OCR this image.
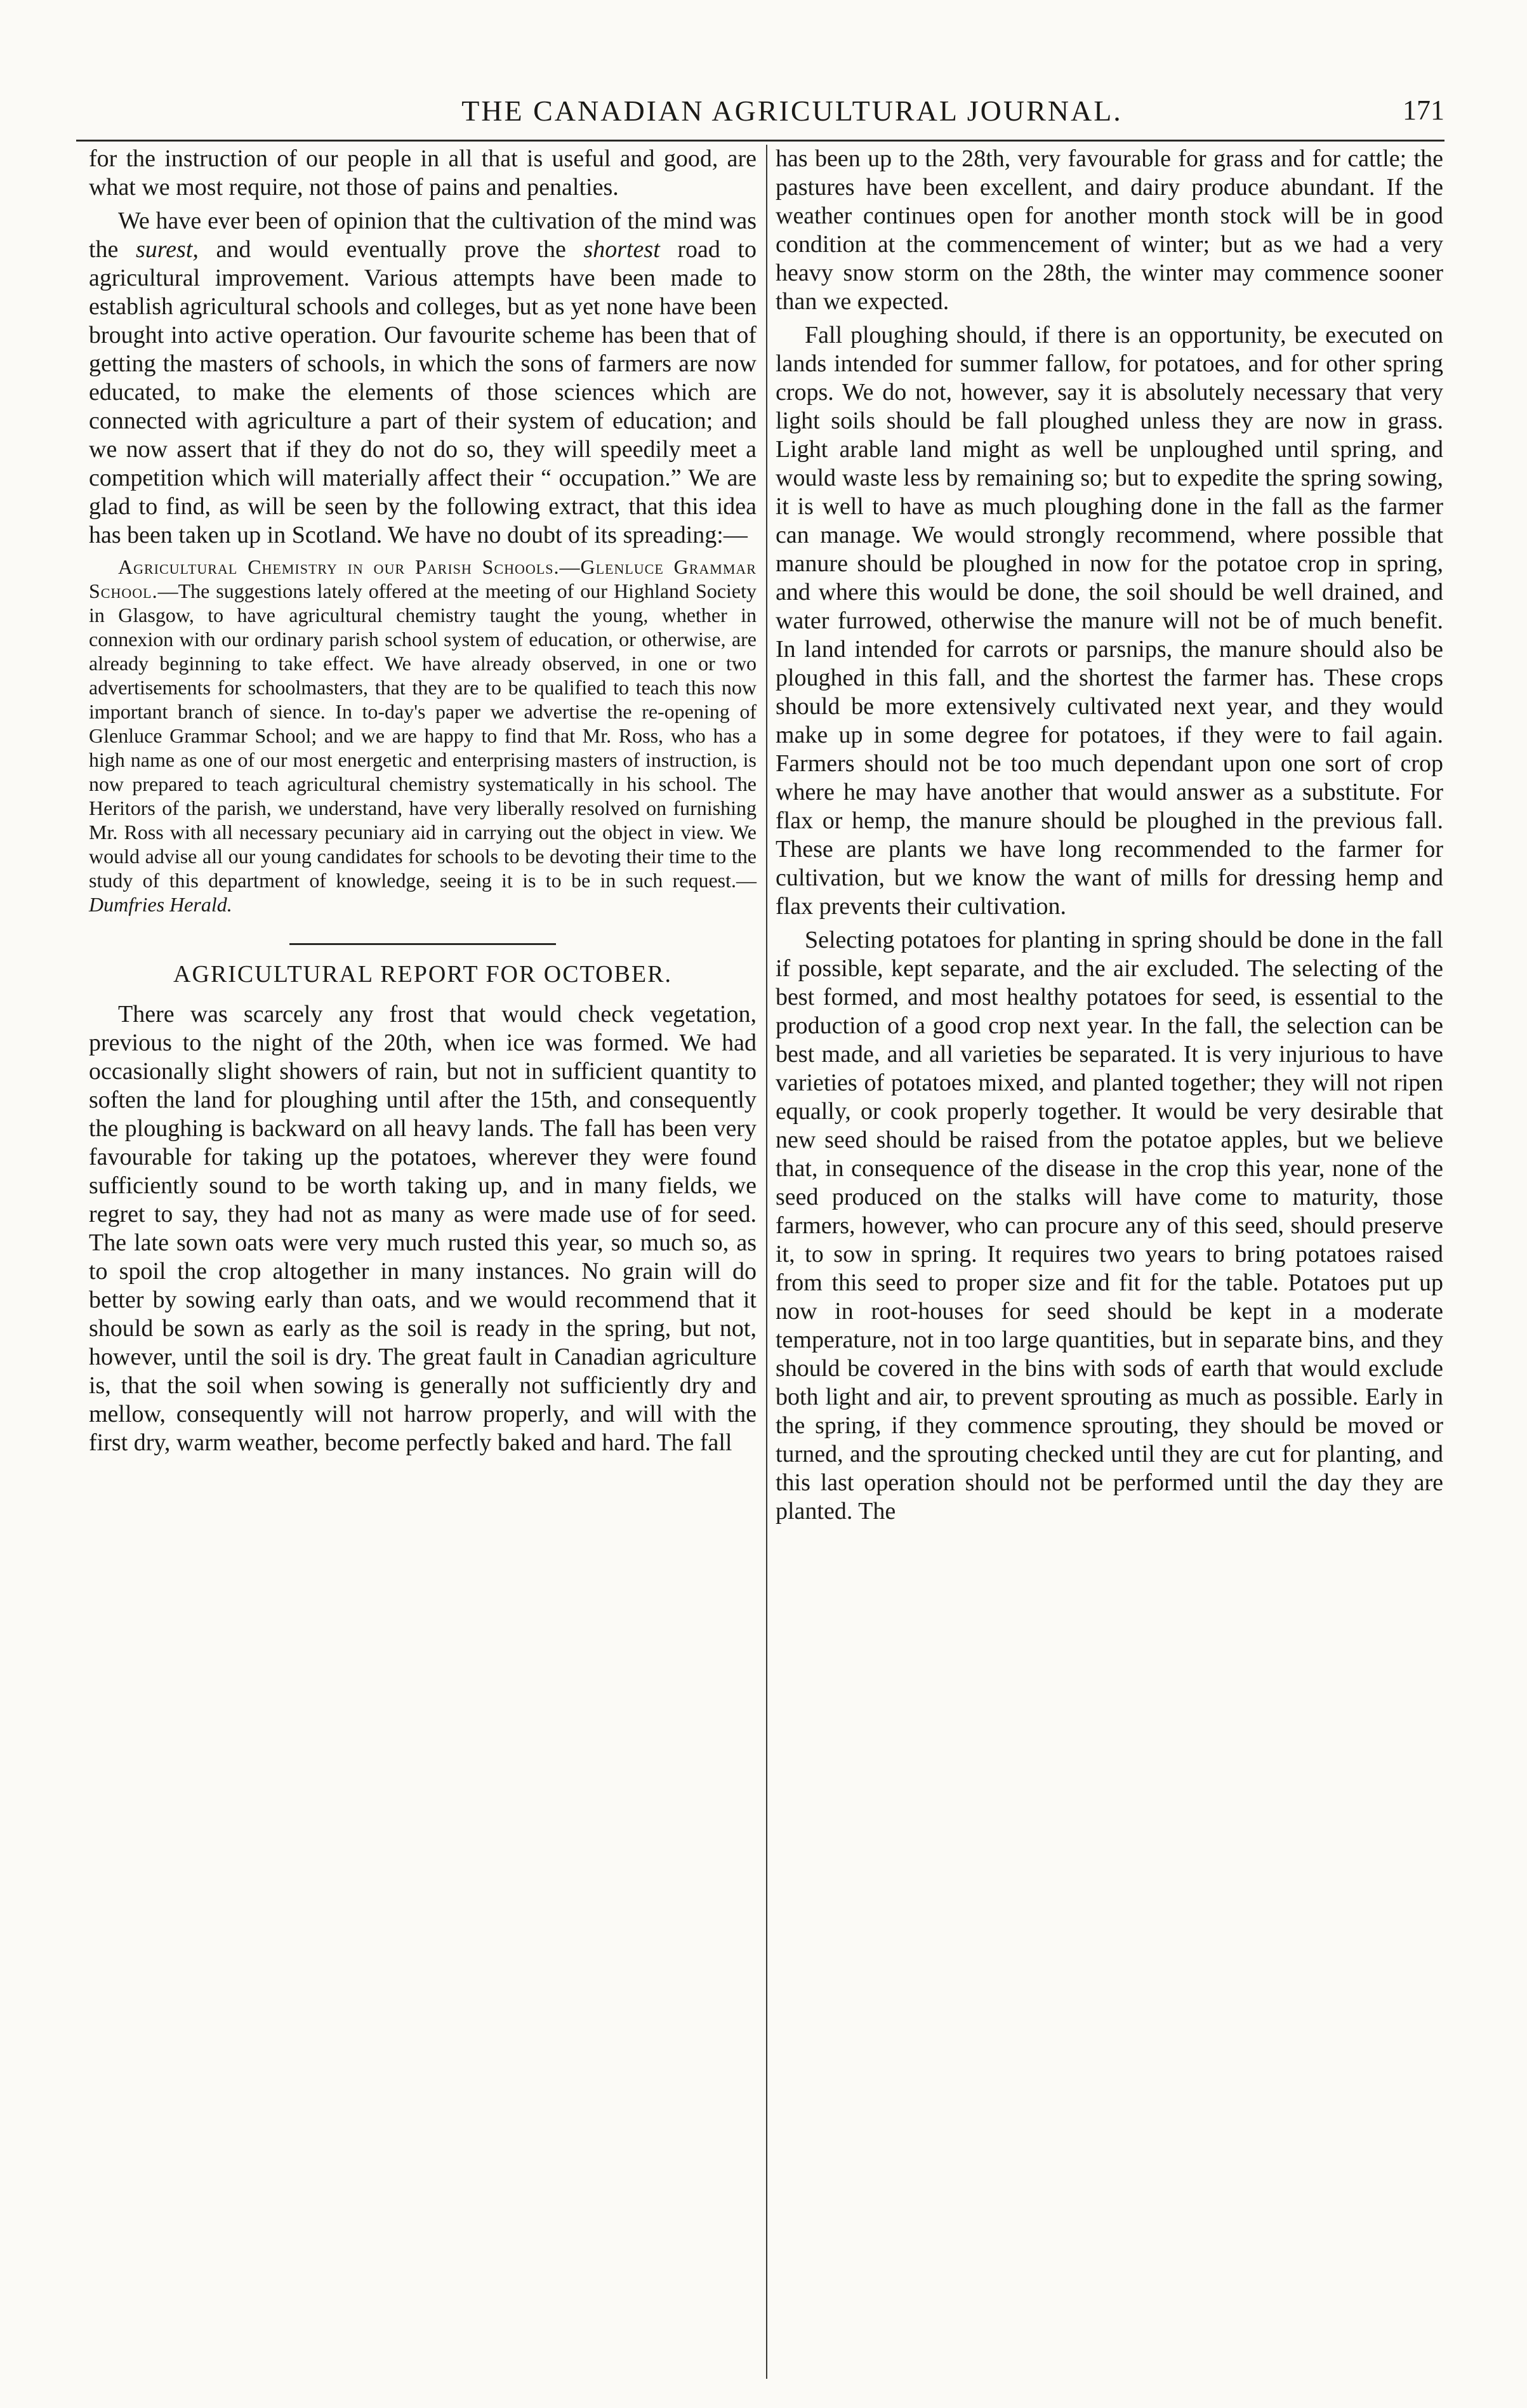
THE CANADIAN AGRICULTURAL JOURNAL.	171

for the instruction of our people in all that is useful and good, are what we most require, not those of pains and penalties.

We have ever been of opinion that the cultivation of the mind was the surest, and would eventually prove the shortest road to agricultural improvement. Various attempts have been made to establish agricultural schools and colleges, but as yet none have been brought into active operation. Our favourite scheme has been that of getting the masters of schools, in which the sons of farmers are now educated, to make the elements of those sciences which are connected with agriculture a part of their system of education; and we now assert that if they do not do so, they will speedily meet a competition which will materially affect their “ occupation.” We are glad to find, as will be seen by the following extract, that this idea has been taken up in Scotland. We have no doubt of its spreading:—

Agricultural Chemistry in our Parish Schools.—Glenluce Grammar School.—The suggestions lately offered at the meeting of our Highland Society in Glasgow, to have agricultural chemistry taught the young, whether in connexion with our ordinary parish school system of education, or otherwise, are already beginning to take effect. We have already observed, in one or two advertisements for schoolmasters, that they are to be qualified to teach this now important branch of sience. In to-day's paper we advertise the re-opening of Glenluce Grammar School; and we are happy to find that Mr. Ross, who has a high name as one of our most energetic and enterprising masters of instruction, is now prepared to teach agricultural chemistry systematically in his school. The Heritors of the parish, we understand, have very liberally resolved on furnishing Mr. Ross with all necessary pecuniary aid in carrying out the object in view. We would advise all our young candidates for schools to be devoting their time to the study of this department of knowledge, seeing it is to be in such request.—Dumfries Herald.

AGRICULTURAL REPORT FOR OCTOBER.

There was scarcely any frost that would check vegetation, previous to the night of the 20th, when ice was formed. We had occasionally slight showers of rain, but not in sufficient quantity to soften the land for ploughing until after the 15th, and consequently the ploughing is backward on all heavy lands. The fall has been very favourable for taking up the potatoes, wherever they were found sufficiently sound to be worth taking up, and in many fields, we regret to say, they had not as many as were made use of for seed. The late sown oats were very much rusted this year, so much so, as to spoil the crop altogether in many instances. No grain will do better by sowing early than oats, and we would recommend that it should be sown as early as the soil is ready in the spring, but not, however, until the soil is dry. The great fault in Canadian agriculture is, that the soil when sowing is generally not sufficiently dry and mellow, consequently will not harrow properly, and will with the first dry, warm weather, become perfectly baked and hard. The fall

has been up to the 28th, very favourable for grass and for cattle; the pastures have been excellent, and dairy produce abundant. If the weather continues open for another month stock will be in good condition at the commencement of winter; but as we had a very heavy snow storm on the 28th, the winter may commence sooner than we expected.

Fall ploughing should, if there is an opportunity, be executed on lands intended for summer fallow, for potatoes, and for other spring crops. We do not, however, say it is absolutely necessary that very light soils should be fall ploughed unless they are now in grass. Light arable land might as well be unploughed until spring, and would waste less by remaining so; but to expedite the spring sowing, it is well to have as much ploughing done in the fall as the farmer can manage. We would strongly recommend, where possible that manure should be ploughed in now for the potatoe crop in spring, and where this would be done, the soil should be well drained, and water furrowed, otherwise the manure will not be of much benefit. In land intended for carrots or parsnips, the manure should also be ploughed in this fall, and the shortest the farmer has. These crops should be more extensively cultivated next year, and they would make up in some degree for potatoes, if they were to fail again. Farmers should not be too much dependant upon one sort of crop where he may have another that would answer as a substitute. For flax or hemp, the manure should be ploughed in the previous fall. These are plants we have long recommended to the farmer for cultivation, but we know the want of mills for dressing hemp and flax prevents their cultivation.

Selecting potatoes for planting in spring should be done in the fall if possible, kept separate, and the air excluded. The selecting of the best formed, and most healthy potatoes for seed, is essential to the production of a good crop next year. In the fall, the selection can be best made, and all varieties be separated. It is very injurious to have varieties of potatoes mixed, and planted together; they will not ripen equally, or cook properly together. It would be very desirable that new seed should be raised from the potatoe apples, but we believe that, in consequence of the disease in the crop this year, none of the seed produced on the stalks will have come to maturity, those farmers, however, who can procure any of this seed, should preserve it, to sow in spring. It requires two years to bring potatoes raised from this seed to proper size and fit for the table. Potatoes put up now in root-houses for seed should be kept in a moderate temperature, not in too large quantities, but in separate bins, and they should be covered in the bins with sods of earth that would exclude both light and air, to prevent sprouting as much as possible. Early in the spring, if they commence sprouting, they should be moved or turned, and the sprouting checked until they are cut for planting, and this last operation should not be performed until the day they are planted. The
